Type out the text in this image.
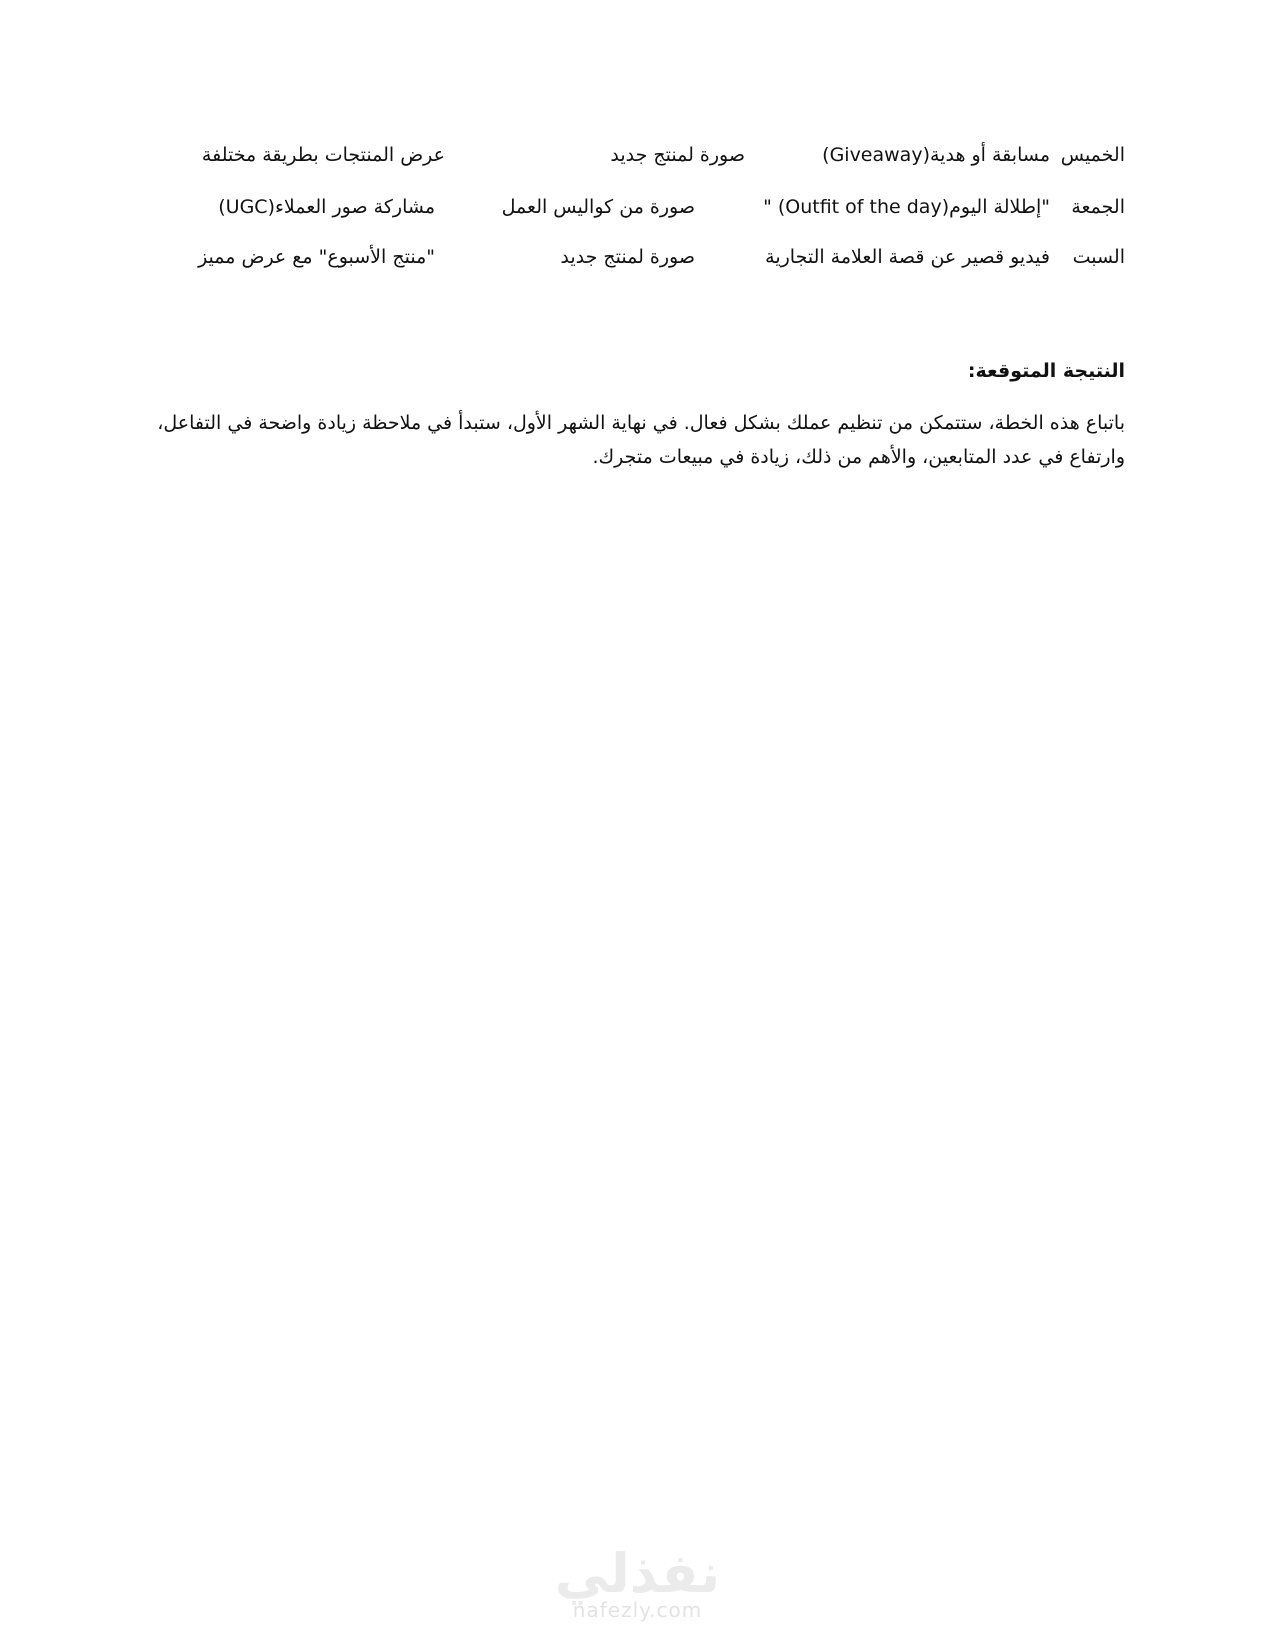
الخميس
مسابقة أو هدية(Giveaway)
صورة لمنتج جديد
عرض المنتجات بطريقة مختلفة
الجمعة
"إطلالة اليوم(Outfit of the day) "
صورة من كواليس العمل
مشاركة صور العملاء(UGC)
السبت
فيديو قصير عن قصة العلامة التجارية
صورة لمنتج جديد
"منتج الأسبوع" مع عرض مميز
النتيجة المتوقعة:
باتباع هذه الخطة، ستتمكن من تنظيم عملك بشكل فعال. في نهاية الشهر الأول، ستبدأ في ملاحظة زيادة واضحة في التفاعل،
وارتفاع في عدد المتابعين، والأهم من ذلك، زيادة في مبيعات متجرك.
نفذلي
nafezly.com
